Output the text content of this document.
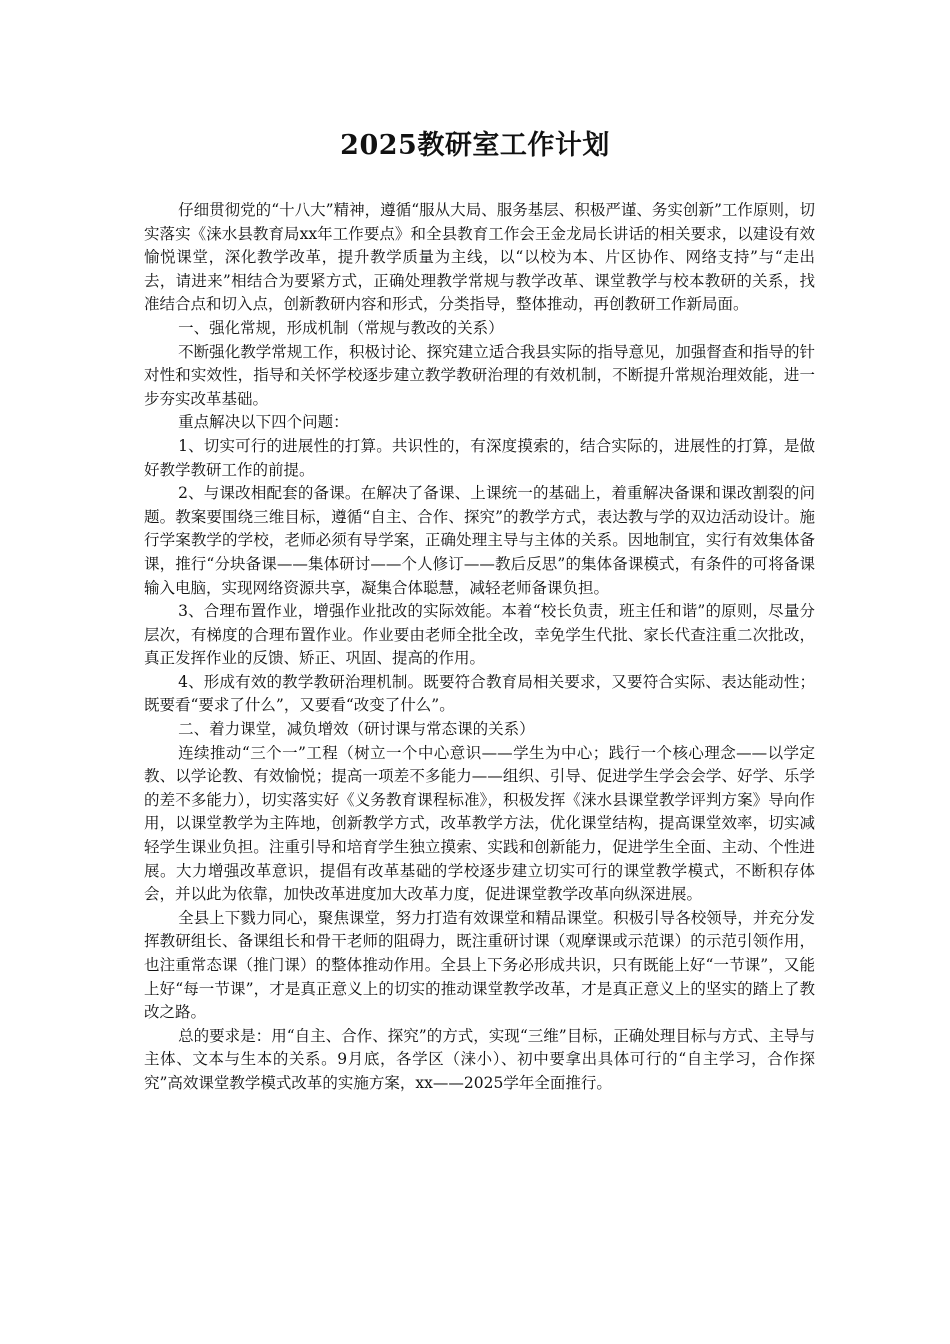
2025教研室工作计划

仔细贯彻党的“十八大”精神，遵循“服从大局、服务基层、积极严谨、务实创新”工作原则，切实落实《涞水县教育局xx年工作要点》和全县教育工作会王金龙局长讲话的相关要求，以建设有效愉悦课堂，深化教学改革，提升教学质量为主线，以“以校为本、片区协作、网络支持”与“走出去，请进来”相结合为要紧方式，正确处理教学常规与教学改革、课堂教学与校本教研的关系，找准结合点和切入点，创新教研内容和形式，分类指导，整体推动，再创教研工作新局面。

一、强化常规，形成机制（常规与教改的关系）

不断强化教学常规工作，积极讨论、探究建立适合我县实际的指导意见，加强督查和指导的针对性和实效性，指导和关怀学校逐步建立教学教研治理的有效机制，不断提升常规治理效能，进一步夯实改革基础。

重点解决以下四个问题：

1、切实可行的进展性的打算。共识性的，有深度摸索的，结合实际的，进展性的打算，是做好教学教研工作的前提。

2、与课改相配套的备课。在解决了备课、上课统一的基础上，着重解决备课和课改割裂的问题。教案要围绕三维目标，遵循“自主、合作、探究”的教学方式，表达教与学的双边活动设计。施行学案教学的学校，老师必须有导学案，正确处理主导与主体的关系。因地制宜，实行有效集体备课，推行“分块备课——集体研讨——个人修订——教后反思”的集体备课模式，有条件的可将备课输入电脑，实现网络资源共享，凝集合体聪慧，减轻老师备课负担。

3、合理布置作业，增强作业批改的实际效能。本着“校长负责，班主任和谐”的原则，尽量分层次，有梯度的合理布置作业。作业要由老师全批全改，幸免学生代批、家长代查注重二次批改，真正发挥作业的反馈、矫正、巩固、提高的作用。

4、形成有效的教学教研治理机制。既要符合教育局相关要求，又要符合实际、表达能动性；既要看“要求了什么”，又要看“改变了什么”。

二、着力课堂，减负增效（研讨课与常态课的关系）

连续推动“三个一”工程（树立一个中心意识——学生为中心；践行一个核心理念——以学定教、以学论教、有效愉悦；提高一项差不多能力——组织、引导、促进学生学会会学、好学、乐学的差不多能力），切实落实好《义务教育课程标准》，积极发挥《涞水县课堂教学评判方案》导向作用，以课堂教学为主阵地，创新教学方式，改革教学方法，优化课堂结构，提高课堂效率，切实减轻学生课业负担。注重引导和培育学生独立摸索、实践和创新能力，促进学生全面、主动、个性进展。大力增强改革意识，提倡有改革基础的学校逐步建立切实可行的课堂教学模式，不断积存体会，并以此为依靠，加快改革进度加大改革力度，促进课堂教学改革向纵深进展。

全县上下戮力同心，聚焦课堂，努力打造有效课堂和精品课堂。积极引导各校领导，并充分发挥教研组长、备课组长和骨干老师的阻碍力，既注重研讨课（观摩课或示范课）的示范引领作用，也注重常态课（推门课）的整体推动作用。全县上下务必形成共识，只有既能上好“一节课”，又能上好“每一节课”，才是真正意义上的切实的推动课堂教学改革，才是真正意义上的坚实的踏上了教改之路。

总的要求是：用“自主、合作、探究”的方式，实现“三维”目标，正确处理目标与方式、主导与主体、文本与生本的关系。9月底，各学区（涞小）、初中要拿出具体可行的“自主学习，合作探究”高效课堂教学模式改革的实施方案，xx——2025学年全面推行。
